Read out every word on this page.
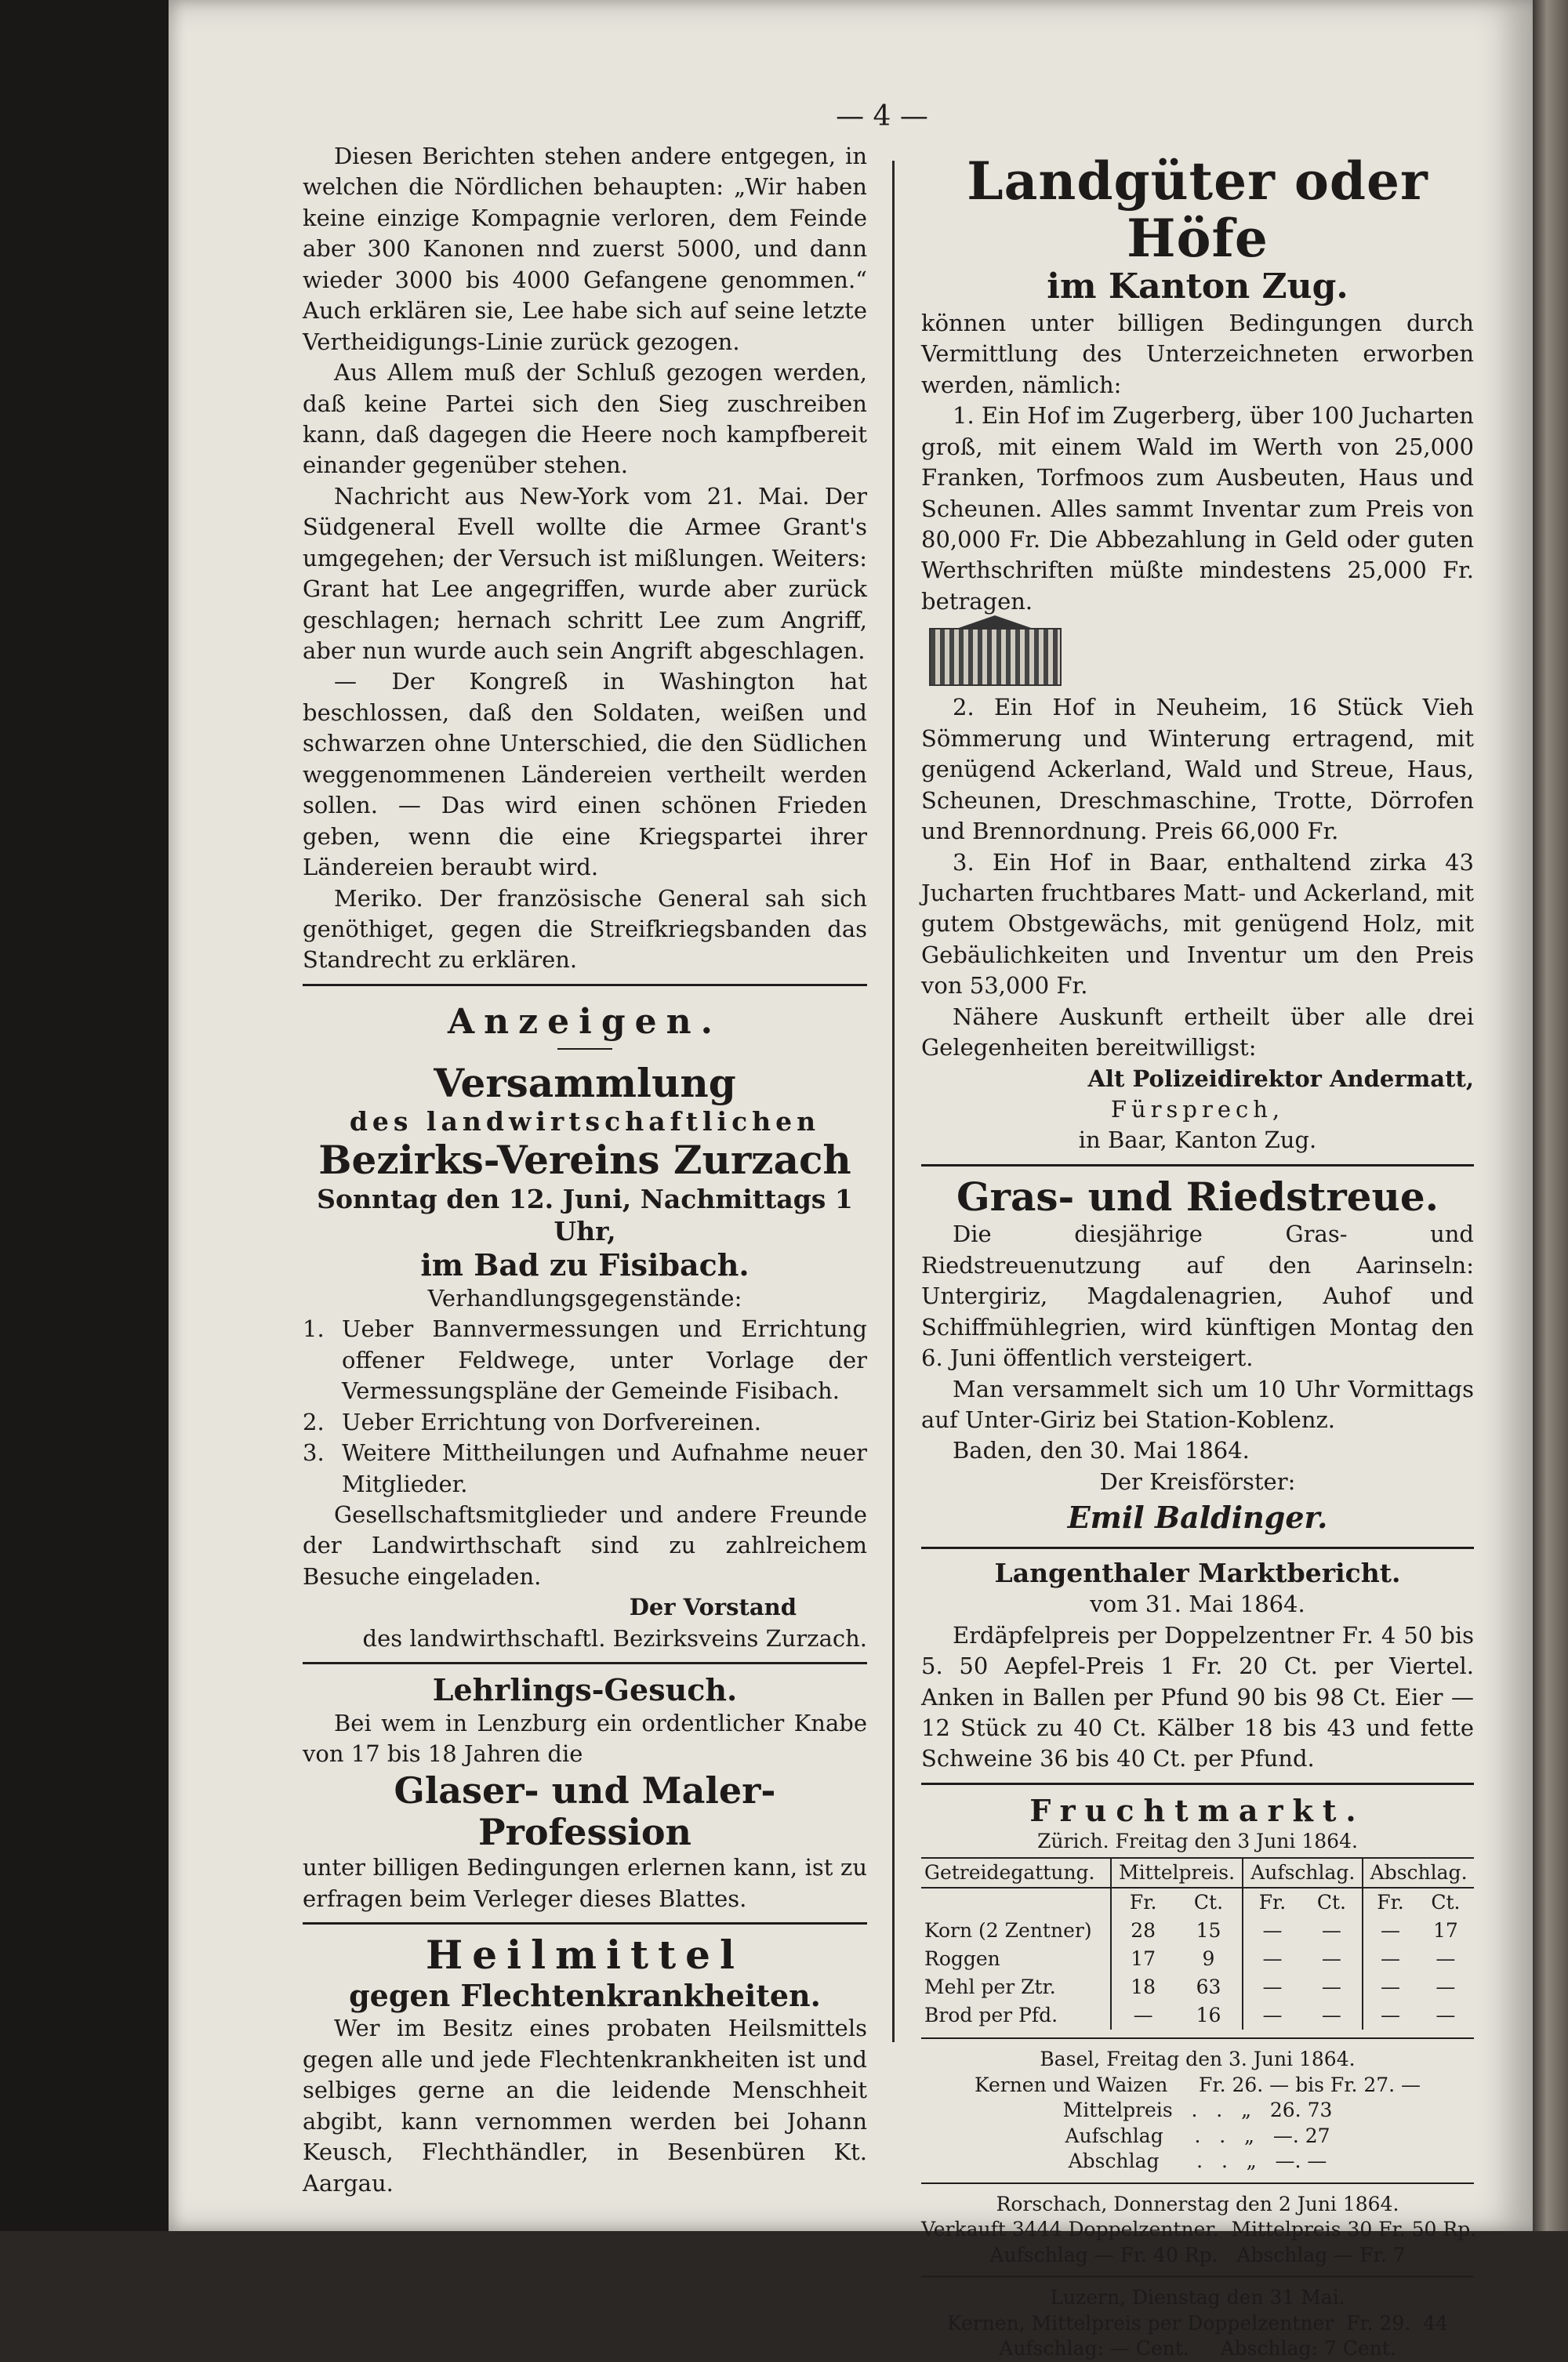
— 4 —

Diesen Berichten stehen andere entgegen, in welchen die Nördlichen behaupten: „Wir haben keine einzige Kompagnie verloren, dem Feinde aber 300 Kanonen nnd zuerst 5000, und dann wieder 3000 bis 4000 Gefangene genommen.“ Auch erklären sie, Lee habe sich auf seine letzte Vertheidigungs-Linie zurück gezogen.

Aus Allem muß der Schluß gezogen werden, daß keine Partei sich den Sieg zuschreiben kann, daß dagegen die Heere noch kampfbereit einander gegenüber stehen.

Nachricht aus New-York vom 21. Mai. Der Südgeneral Evell wollte die Armee Grant's umgegehen; der Versuch ist mißlungen. Weiters: Grant hat Lee angegriffen, wurde aber zurück geschlagen; hernach schritt Lee zum Angriff, aber nun wurde auch sein Angrift abgeschlagen.

— Der Kongreß in Washington hat beschlossen, daß den Soldaten, weißen und schwarzen ohne Unterschied, die den Südlichen weggenommenen Ländereien vertheilt werden sollen. — Das wird einen schönen Frieden geben, wenn die eine Kriegspartei ihrer Ländereien beraubt wird.

Meriko. Der französische General sah sich genöthiget, gegen die Streifkriegsbanden das Standrecht zu erklären.

Anzeigen.
Versammlung
des landwirtschaftlichen
Bezirks-Vereins Zurzach
Sonntag den 12. Juni, Nachmittags 1 Uhr,
im Bad zu Fisibach.

Verhandlungsgegenstände:

1. Ueber Bannvermessungen und Errichtung offener Feldwege, unter Vorlage der Vermessungspläne der Gemeinde Fisibach.
2. Ueber Errichtung von Dorfvereinen.
3. Weitere Mittheilungen und Aufnahme neuer Mitglieder.

Gesellschaftsmitglieder und andere Freunde der Landwirthschaft sind zu zahlreichem Besuche eingeladen.

Der Vorstand

des landwirthschaftl. Bezirksveins Zurzach.

Lehrlings-Gesuch.

Bei wem in Lenzburg ein ordentlicher Knabe von 17 bis 18 Jahren die

Glaser- und Maler-Profession

unter billigen Bedingungen erlernen kann, ist zu erfragen beim Verleger dieses Blattes.

Heilmittel
gegen Flechtenkrankheiten.

Wer im Besitz eines probaten Heilsmittels gegen alle und jede Flechtenkrankheiten ist und selbiges gerne an die leidende Menschheit abgibt, kann vernommen werden bei Johann Keusch, Flechthändler, in Besenbüren Kt. Aargau.

Landgüter oder Höfe
im Kanton Zug.

können unter billigen Bedingungen durch Vermittlung des Unterzeichneten erworben werden, nämlich:

1. Ein Hof im Zugerberg, über 100 Jucharten groß, mit einem Wald im Werth von 25,000 Franken, Torfmoos zum Ausbeuten, Haus und Scheunen. Alles sammt Inventar zum Preis von 80,000 Fr. Die Abbezahlung in Geld oder guten Werthschriften müßte mindestens 25,000 Fr. betragen.

2. Ein Hof in Neuheim, 16 Stück Vieh Sömmerung und Winterung ertragend, mit genügend Ackerland, Wald und Streue, Haus, Scheunen, Dreschmaschine, Trotte, Dörrofen und Brennordnung. Preis 66,000 Fr.

3. Ein Hof in Baar, enthaltend zirka 43 Jucharten fruchtbares Matt- und Ackerland, mit gutem Obstgewächs, mit genügend Holz, mit Gebäulichkeiten und Inventur um den Preis von 53,000 Fr.

Nähere Auskunft ertheilt über alle drei Gelegenheiten bereitwilligst:

Alt Polizeidirektor Andermatt,

Fürsprech,

in Baar, Kanton Zug.

Gras- und Riedstreue.

Die diesjährige Gras- und Riedstreuenutzung auf den Aarinseln: Untergiriz, Magdalenagrien, Auhof und Schiffmühlegrien, wird künftigen Montag den 6. Juni öffentlich versteigert.

Man versammelt sich um 10 Uhr Vormittags auf Unter-Giriz bei Station-Koblenz.

Baden, den 30. Mai 1864.

Der Kreisförster:

Emil Baldinger.

Langenthaler Marktbericht.

vom 31. Mai 1864.

Erdäpfelpreis per Doppelzentner Fr. 4 50 bis 5. 50 Aepfel-Preis 1 Fr. 20 Ct. per Viertel. Anken in Ballen per Pfund 90 bis 98 Ct. Eier — 12 Stück zu 40 Ct. Kälber 18 bis 43 und fette Schweine 36 bis 40 Ct. per Pfund.

Fruchtmarkt.

Zürich. Freitag den 3 Juni 1864.

Getreidegattung.	Mittelpreis.		Aufschlag.		Abschlag.	
	Fr.	Ct.	Fr.	Ct.	Fr.	Ct.
Korn (2 Zentner)	28	15	—	—	—	17
Roggen	17	9	—	—	—	—
Mehl per Ztr.	18	63	—	—	—	—
Brod per Pfd.	—	16	—	—	—	—

Basel, Freitag den 3. Juni 1864.

Kernen und Waizen     Fr. 26. — bis Fr. 27. —

Mittelpreis   .   .   „   26. 73

Aufschlag     .   .   „   —. 27

Abschlag      .   .   „   —. —

Rorschach, Donnerstag den 2 Juni 1864.

Verkauft 3444 Doppelzentner.  Mittelpreis 30 Fr. 50 Rp.

Aufschlag — Fr. 40 Rp.   Abschlag — Fr. 7

Luzern, Dienstag den 31 Mai.

Kernen, Mittelpreis per Doppelzentner  Fr. 29.  44

Aufschlag: — Cent.     Abschlag: 7 Cent.
